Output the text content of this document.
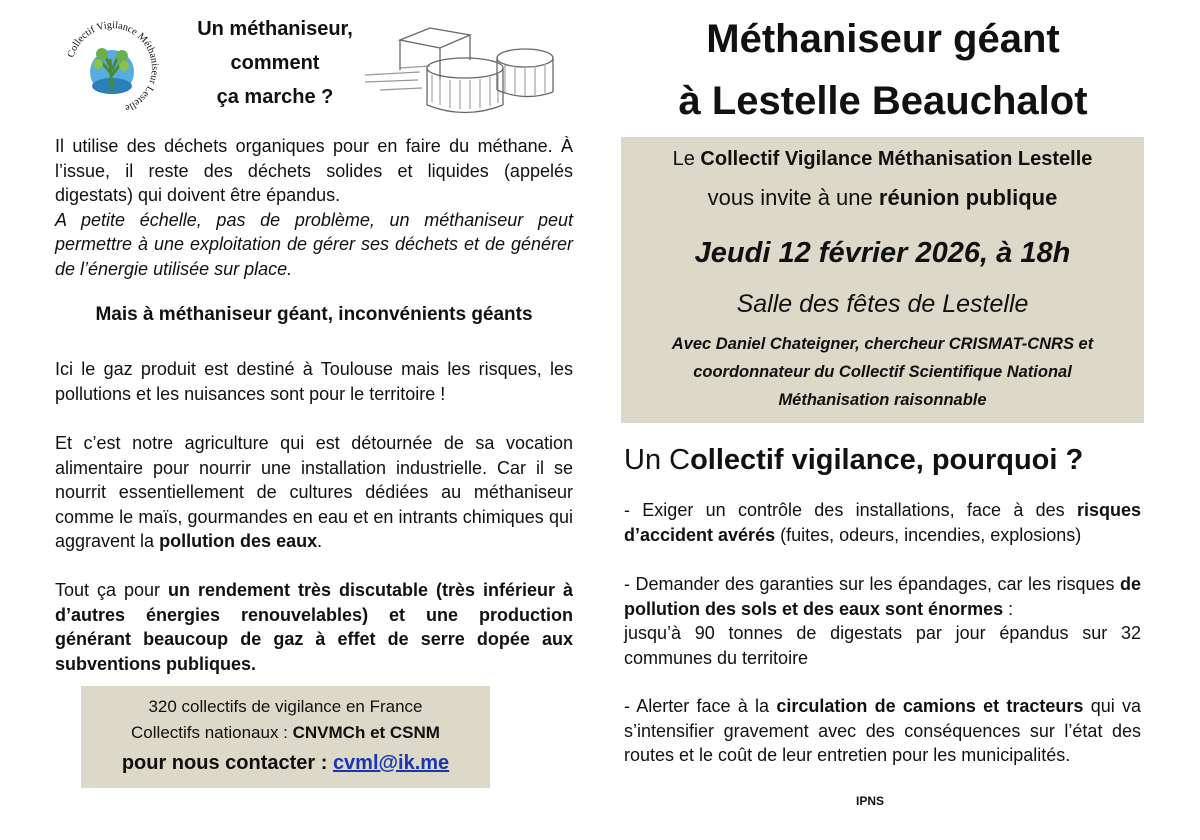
Collectif Vigilance Méthaniseur Lestelle
Un méthaniseur,
comment
ça marche ?
Il utilise des déchets organiques pour en faire du méthane. À l’issue, il reste des déchets solides et liquides (appelés digestats) qui doivent être épandus.
A petite échelle, pas de problème, un méthaniseur peut permettre à une exploitation de gérer ses déchets et de générer de l’énergie utilisée sur place.
Mais à méthaniseur géant, inconvénients géants
Ici le gaz produit est destiné à Toulouse mais les risques, les pollutions et les nuisances sont pour le territoire !
Et c’est notre agriculture qui est détournée de sa vocation alimentaire pour nourrir une installation industrielle. Car il se nourrit essentiellement de cultures dédiées au méthaniseur comme le maïs, gourmandes en eau et en intrants chimiques qui aggravent la pollution des eaux.
Tout ça pour un rendement très discutable (très inférieur à d’autres énergies renouvelables) et une production générant beaucoup de gaz à effet de serre dopée aux subventions publiques.
320 collectifs de vigilance en France
Collectifs nationaux : CNVMCh et CSNM
pour nous contacter : cvml@ik.me
Méthaniseur géant
à Lestelle Beauchalot
Le Collectif Vigilance Méthanisation Lestelle
vous invite à une réunion publique
Jeudi 12 février 2026, à 18h
Salle des fêtes de Lestelle
Avec Daniel Chateigner, chercheur CRISMAT-CNRS et coordonnateur du Collectif Scientifique National Méthanisation raisonnable
Un Collectif vigilance, pourquoi ?
- Exiger un contrôle des installations, face à des risques d’accident avérés (fuites, odeurs, incendies, explosions)
- Demander des garanties sur les épandages, car les risques de pollution des sols et des eaux sont énormes :
jusqu’à 90 tonnes de digestats par jour épandus sur 32 communes du territoire
- Alerter face à la circulation de camions et tracteurs qui va s’intensifier gravement avec des conséquences sur l’état des routes et le coût de leur entretien pour les municipalités.
IPNS
